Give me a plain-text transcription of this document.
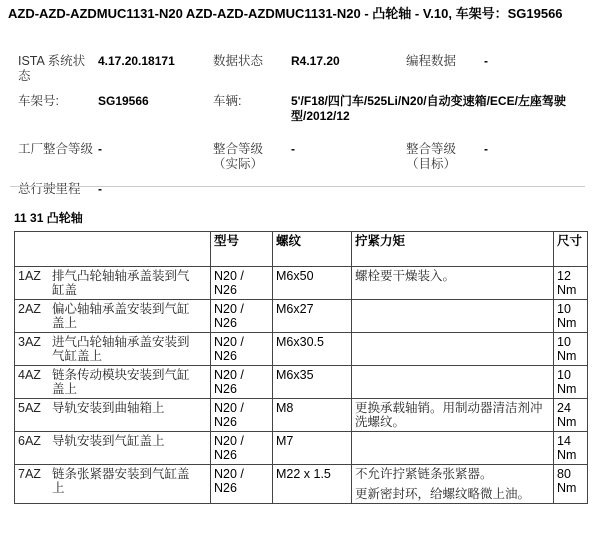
AZD-AZD-AZDMUC1131-N20 AZD-AZD-AZDMUC1131-N20 - 凸轮轴 - V.10, 车架号：SG19566
ISTA 系统状态	4.17.20.18171	数据状态	R4.17.20	编程数据	-
车架号:	SG19566	车辆:	5'/F18/四门车/525Li/N20/自动变速箱/ECE/左座驾驶型/2012/12		
工厂整合等级	-	整合等级（实际）	-	整合等级（目标）	-
总行驶里程	-				
11 31 凸轮轴
	型号	螺纹	拧紧力矩	尺寸
1AZ 排气凸轮轴轴承盖装到气缸盖	N20 / N26	M6x50	螺栓要干燥装入。	12 Nm
2AZ 偏心轴轴承盖安装到气缸盖上	N20 / N26	M6x27		10 Nm
3AZ 进气凸轮轴轴承盖安装到气缸盖上	N20 / N26	M6x30.5		10 Nm
4AZ 链条传动模块安装到气缸盖上	N20 / N26	M6x35		10 Nm
5AZ 导轨安装到曲轴箱上	N20 / N26	M8	更换承载轴销。用制动器清洁剂冲洗螺纹。	24 Nm
6AZ 导轨安装到气缸盖上	N20 / N26	M7		14 Nm
7AZ 链条张紧器安装到气缸盖上	N20 / N26	M22 x 1.5	不允许拧紧链条张紧器。
更新密封环，给螺纹略微上油。	80 Nm
